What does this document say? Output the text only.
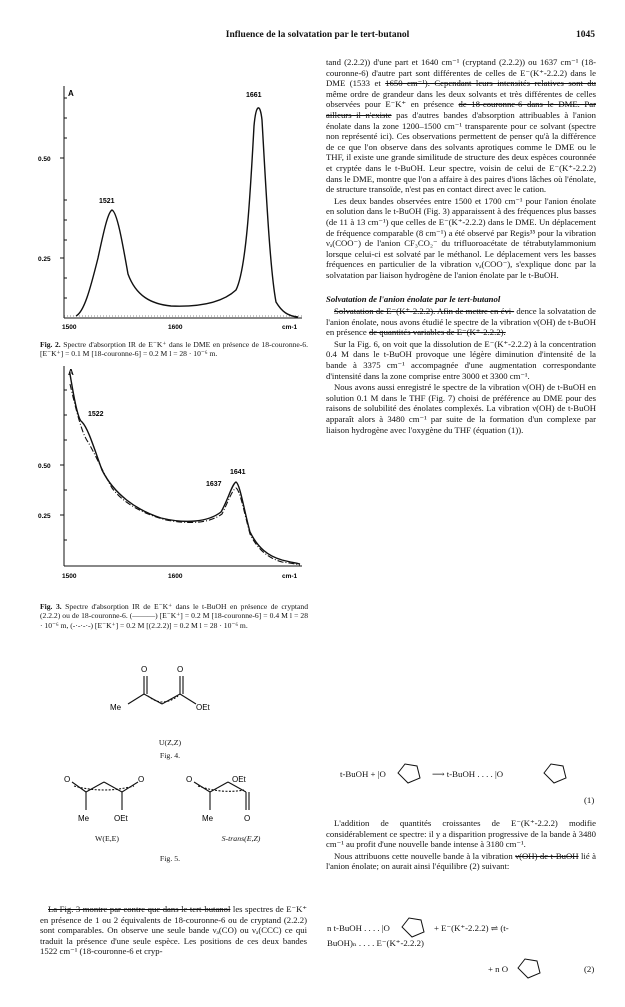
Influence de la solvatation par le tert-butanol	1045
A	1661
1521
0.50
0.25
1500	1600	cm-1
Fig. 2. Spectre d'absorption IR de E⁻K⁺ dans le DME en présence de 18-couronne-6. [E⁻K⁺] = 0.1 M [18-couronne-6] = 0.2 M l = 28 · 10⁻⁶ m.
A
1522
1641
1637
0.50
0.25
1500	1600	cm-1
Fig. 3. Spectre d'absorption IR de E⁻K⁺ dans le t-BuOH en présence de cryptand (2.2.2) ou de 18-couronne-6. (———) [E⁻K⁺] = 0.2 M [18-couronne-6] = 0.4 M l = 28 · 10⁻⁶ m, (-·-·-·-) [E⁻K⁺] = 0.2 M [(2.2.2)] = 0.2 M l = 28 · 10⁻⁶ m.
O	O
Me	OEt
U(Z,Z)
Fig. 4.
O	O
Me	OEt
W(E,E)
O	OEt
Me	O
S-trans(E,Z)
Fig. 5.

La Fig. 3 montre par contre que dans le tert-butanol les spectres de E⁻K⁺ en présence de 1 ou 2 équivalents de 18-couronne-6 ou de cryptand (2.2.2) sont comparables. On observe une seule bande νₐ(CO) ou νₐ(CCC) ce qui traduit la présence d'une seule espèce. Les positions de ces deux bandes 1522 cm⁻¹ (18-couronne-6 et cryp-

tand (2.2.2)) d'une part et 1640 cm⁻¹ (cryptand (2.2.2)) ou 1637 cm⁻¹ (18-couronne-6) d'autre part sont différentes de celles de E⁻(K⁺-2.2.2) dans le DME (1533 et 1650 cm⁻¹). Cependant leurs intensités relatives sont du même ordre de grandeur dans les deux solvants et très différentes de celles observées pour E⁻K⁺ en présence de 18-couronne-6 dans le DME. Par ailleurs il n'existe pas d'autres bandes d'absorption attribuables à l'anion énolate dans la zone 1200–1500 cm⁻¹ transparente pour ce solvant (spectre non représenté ici). Ces observations permettent de penser qu'à la différence de ce que l'on observe dans des solvants aprotiques comme le DME ou le THF, il existe une grande similitude de structure des deux espèces couronnée et cryptée dans le t-BuOH. Leur spectre, voisin de celui de E⁻(K⁺-2.2.2) dans le DME, montre que l'on a affaire à des paires d'ions lâches où l'énolate, de structure transoïde, n'est pas en contact direct avec le cation.

Les deux bandes observées entre 1500 et 1700 cm⁻¹ pour l'anion énolate en solution dans le t-BuOH (Fig. 3) apparaissent à des fréquences plus basses (de 11 à 13 cm⁻¹) que celles de E⁻(K⁺-2.2.2) dans le DME. Un déplacement de fréquence comparable (8 cm⁻¹) a été observé par Regis³⁵ pour la vibration νₐ(COO⁻) de l'anion CF₃CO₂⁻ du trifluoroacétate de tétrabutylammonium lorsque celui-ci est solvaté par le méthanol. Le déplacement vers les basses fréquences en particulier de la vibration νₐ(COO⁻), s'explique donc par la solvatation par liaison hydrogène de l'anion énolate par le t-BuOH.

Solvatation de l'anion énolate par le tert-butanol

Solvatation de E⁻(K⁺-2.2.2). Afin de mettre en évi- dence la solvatation de l'anion énolate, nous avons étudié le spectre de la vibration ν(OH) de t-BuOH en présence de quantités variables de E⁻(K⁺-2.2.2).

Sur la Fig. 6, on voit que la dissolution de E⁻(K⁺-2.2.2) à la concentration 0.4 M dans le t-BuOH provoque une légère diminution d'intensité de la bande à 3375 cm⁻¹ accompagnée d'une augmentation correspondante d'intensité dans la zone comprise entre 3000 et 3300 cm⁻¹.

Nous avons aussi enregistré le spectre de la vibration ν(OH) de t-BuOH en solution 0.1 M dans le THF (Fig. 7) choisi de préférence au DME pour des raisons de solubilité des énolates complexés. La vibration ν(OH) de t-BuOH apparaît alors à 3480 cm⁻¹ par suite de la formation d'un complexe par liaison hydrogène avec l'oxygène du THF (équation (1)).

t-BuOH + |O	⟶ t-BuOH . . . . |O
(1)

L'addition de quantités croissantes de E⁻(K⁺-2.2.2) modifie considérablement ce spectre: il y a disparition progressive de la bande à 3480 cm⁻¹ au profit d'une nouvelle bande intense à 3180 cm⁻¹.

Nous attribuons cette nouvelle bande à la vibration ν(OH) de t-BuOH lié à l'anion énolate; on aurait ainsi l'équilibre (2) suivant:

n t-BuOH . . . . |O	+ E⁻(K⁺-2.2.2) ⇌ (t-
BuOH)ₙ . . . . E⁻(K⁺-2.2.2)
+ n O	(2)
